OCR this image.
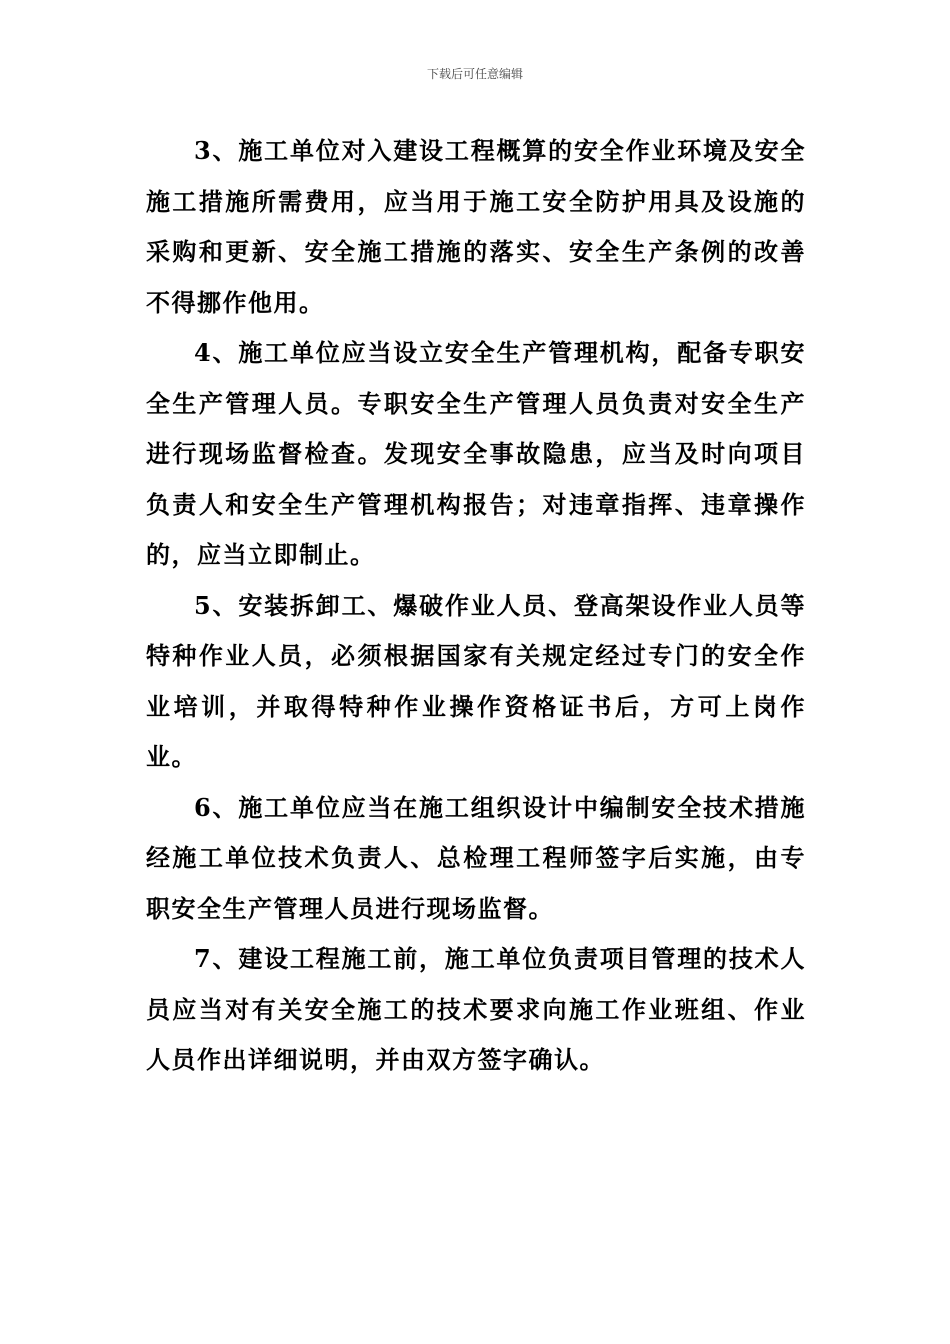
下载后可任意编辑

3、施工单位对入建设工程概算的安全作业环境及安全施工措施所需费用，应当用于施工安全防护用具及设施的采购和更新、安全施工措施的落实、安全生产条例的改善不得挪作他用。

4、施工单位应当设立安全生产管理机构，配备专职安全生产管理人员。专职安全生产管理人员负责对安全生产进行现场监督检查。发现安全事故隐患，应当及时向项目负责人和安全生产管理机构报告；对违章指挥、违章操作的，应当立即制止。

5、安装拆卸工、爆破作业人员、登高架设作业人员等特种作业人员，必须根据国家有关规定经过专门的安全作业培训，并取得特种作业操作资格证书后，方可上岗作业。

6、施工单位应当在施工组织设计中编制安全技术措施经施工单位技术负责人、总检理工程师签字后实施，由专职安全生产管理人员进行现场监督。

7、建设工程施工前，施工单位负责项目管理的技术人员应当对有关安全施工的技术要求向施工作业班组、作业人员作出详细说明，并由双方签字确认。
